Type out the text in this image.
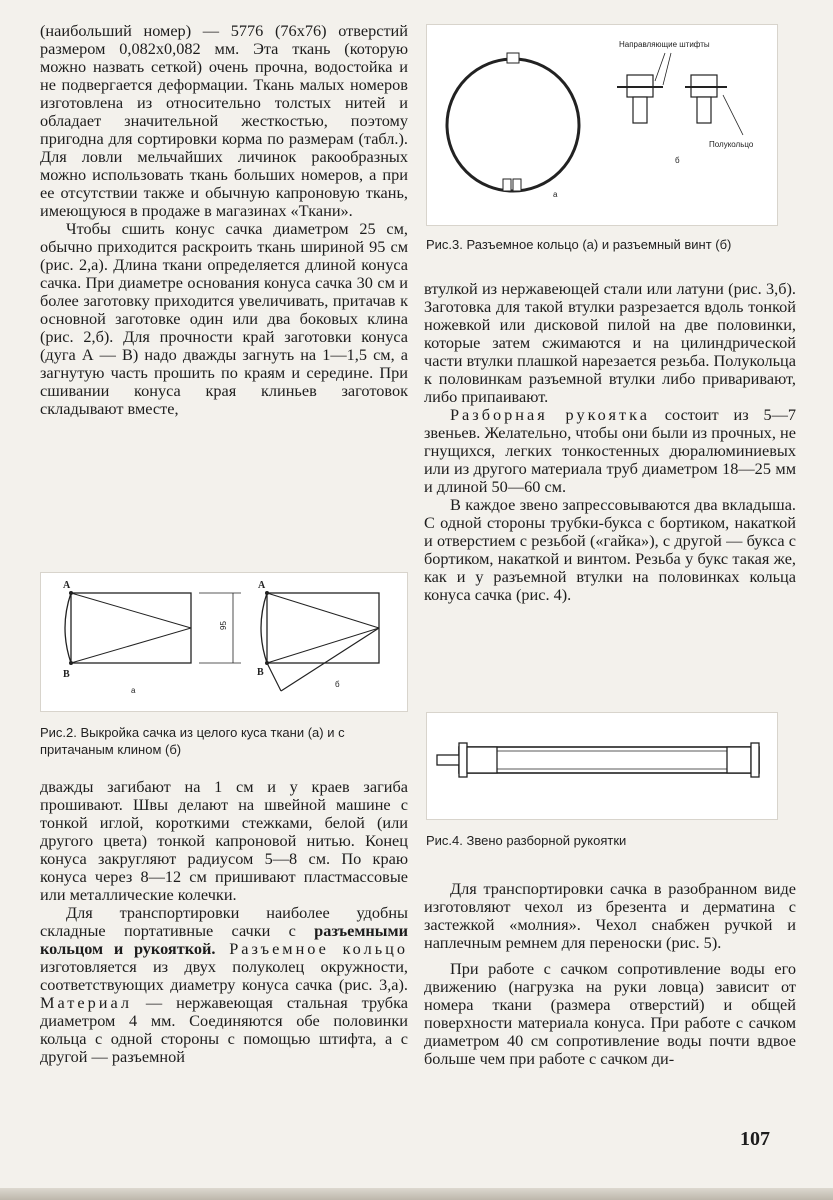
(наибольший номер) — 5776 (76х76) отверстий размером 0,082х0,082 мм. Эта ткань (которую можно назвать сеткой) очень прочна, водостойка и не подвергается деформации. Ткань малых номеров изготовлена из относительно толстых нитей и обладает значительной жесткостью, поэтому пригодна для сортировки корма по размерам (табл.). Для ловли мельчайших личинок ракообразных можно использовать ткань больших номеров, а при ее отсутствии также и обычную капроновую ткань, имеющуюся в продаже в магазинах «Ткани».

Чтобы сшить конус сачка диаметром 25 см, обычно приходится раскроить ткань шириной 95 см (рис. 2,а). Длина ткани определяется длиной конуса сачка. При диаметре основания конуса сачка 30 см и более заготовку приходится увеличивать, притачав к основной заготовке один или два боковых клина (рис. 2,б). Для прочности край заготовки конуса (дуга А — В) надо дважды загнуть на 1—1,5 см, а загнутую часть прошить по краям и середине. При сшивании конуса края клиньев заготовок складывают вместе,

А
В
а
95
А
В
б
Рис.2. Выкройка сачка из целого куса ткани (а) и с притачаным клином (б)

дважды загибают на 1 см и у краев загиба прошивают. Швы делают на швейной машине с тонкой иглой, короткими стежками, белой (или другого цвета) тонкой капроновой нитью. Конец конуса закругляют радиусом 5—8 см. По краю конуса через 8—12 см пришивают пластмассовые или металлические колечки.

Для транспортировки наиболее удобны складные портативные сачки с разъемными кольцом и рукояткой. Разъемное кольцо изготовляется из двух полуколец окружности, соответствующих диаметру конуса сачка (рис. 3,а). Материал — нержавеющая стальная трубка диаметром 4 мм. Соединяются обе половинки кольца с одной стороны с помощью штифта, а с другой — разъемной

а
Направляющие штифты
Полукольцо
б
Рис.3. Разъемное кольцо (а) и разъемный винт (б)

втулкой из нержавеющей стали или латуни (рис. 3,б). Заготовка для такой втулки разрезается вдоль тонкой ножевкой или дисковой пилой на две половинки, которые затем сжимаются и на цилиндрической части втулки плашкой нарезается резьба. Полукольца к половинкам разъемной втулки либо приваривают, либо припаивают.

Разборная рукоятка состоит из 5—7 звеньев. Желательно, чтобы они были из прочных, не гнущихся, легких тонкостенных дюралюминиевых или из другого материала труб диаметром 18—25 мм и длиной 50—60 см.

В каждое звено запрессовываются два вкладыша. С одной стороны трубки-букса с бортиком, накаткой и отверстием с резьбой («гайка»), с другой — букса с бортиком, накаткой и винтом. Резьба у букс такая же, как и у разъемной втулки на половинках кольца конуса сачка (рис. 4).

Рис.4. Звено разборной рукоятки

Для транспортировки сачка в разобранном виде изготовляют чехол из брезента и дерматина с застежкой «молния». Чехол снабжен ручкой и наплечным ремнем для переноски (рис. 5).

При работе с сачком сопротивление воды его движению (нагрузка на руки ловца) зависит от номера ткани (размера отверстий) и общей поверхности материала конуса. При работе с сачком диаметром 40 см сопротивление воды почти вдвое больше чем при работе с сачком ди-

107
